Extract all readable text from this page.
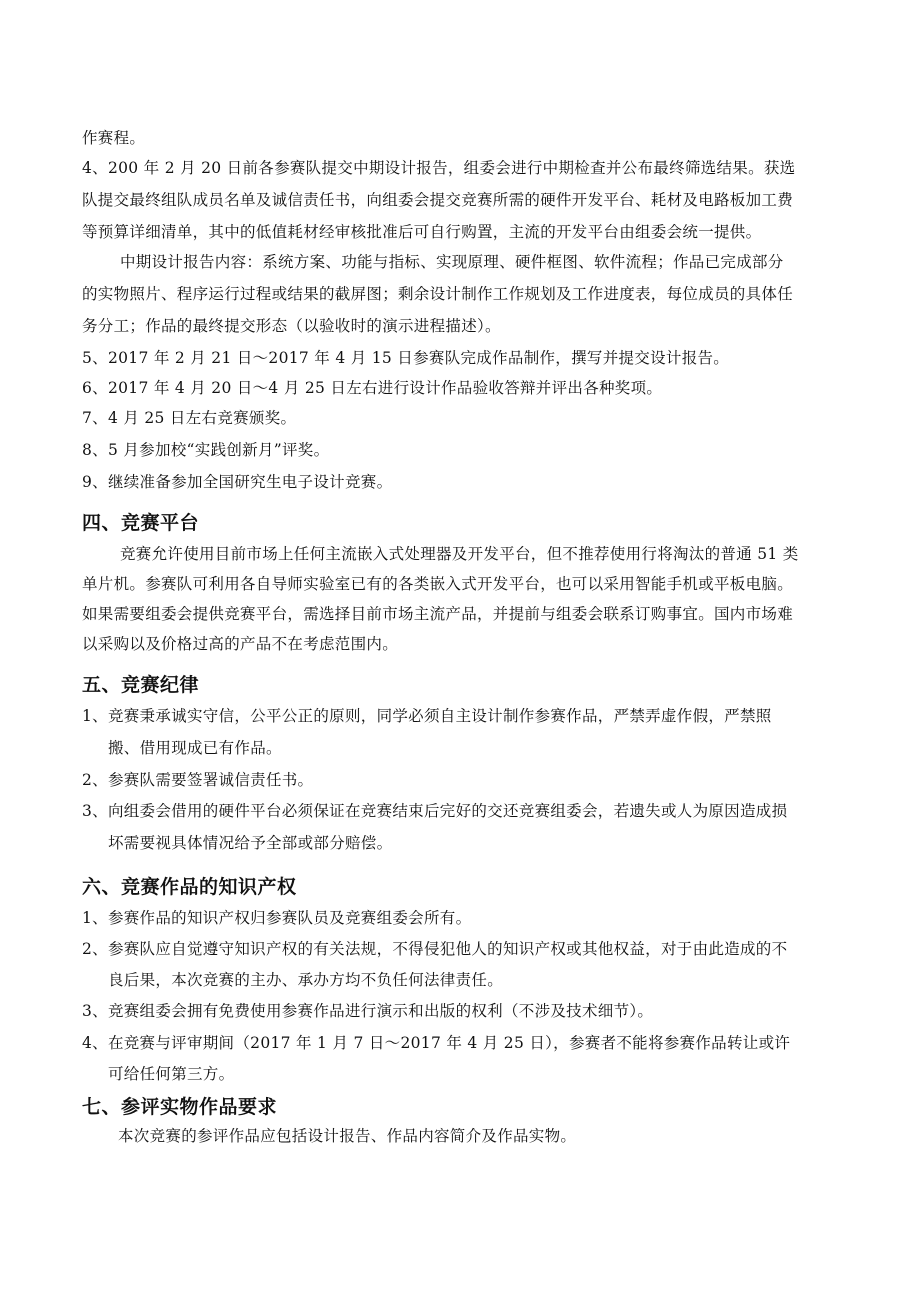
作赛程。
4、200 年 2 月 20 日前各参赛队提交中期设计报告，组委会进行中期检查并公布最终筛选结果。获选
队提交最终组队成员名单及诚信责任书，向组委会提交竞赛所需的硬件开发平台、耗材及电路板加工费
等预算详细清单，其中的低值耗材经审核批准后可自行购置，主流的开发平台由组委会统一提供。
中期设计报告内容：系统方案、功能与指标、实现原理、硬件框图、软件流程；作品已完成部分
的实物照片、程序运行过程或结果的截屏图；剩余设计制作工作规划及工作进度表，每位成员的具体任
务分工；作品的最终提交形态（以验收时的演示进程描述）。
5、2017 年 2 月 21 日～2017 年 4 月 15 日参赛队完成作品制作，撰写并提交设计报告。
6、2017 年 4 月 20 日～4 月 25 日左右进行设计作品验收答辩并评出各种奖项。
7、4 月 25 日左右竞赛颁奖。
8、5 月参加校“实践创新月”评奖。
9、继续准备参加全国研究生电子设计竞赛。
四、竞赛平台
竞赛允许使用目前市场上任何主流嵌入式处理器及开发平台，但不推荐使用行将淘汰的普通 51 类
单片机。参赛队可利用各自导师实验室已有的各类嵌入式开发平台，也可以采用智能手机或平板电脑。
如果需要组委会提供竞赛平台，需选择目前市场主流产品，并提前与组委会联系订购事宜。国内市场难
以采购以及价格过高的产品不在考虑范围内。
五、竞赛纪律
1、竞赛秉承诚实守信，公平公正的原则，同学必须自主设计制作参赛作品，严禁弄虚作假，严禁照
搬、借用现成已有作品。
2、参赛队需要签署诚信责任书。
3、向组委会借用的硬件平台必须保证在竞赛结束后完好的交还竞赛组委会，若遗失或人为原因造成损
坏需要视具体情况给予全部或部分赔偿。
六、竞赛作品的知识产权
1、参赛作品的知识产权归参赛队员及竞赛组委会所有。
2、参赛队应自觉遵守知识产权的有关法规，不得侵犯他人的知识产权或其他权益，对于由此造成的不
良后果，本次竞赛的主办、承办方均不负任何法律责任。
3、竞赛组委会拥有免费使用参赛作品进行演示和出版的权利（不涉及技术细节）。
4、在竞赛与评审期间（2017 年 1 月 7 日～2017 年 4 月 25 日），参赛者不能将参赛作品转让或许
可给任何第三方。
七、参评实物作品要求
本次竞赛的参评作品应包括设计报告、作品内容简介及作品实物。
